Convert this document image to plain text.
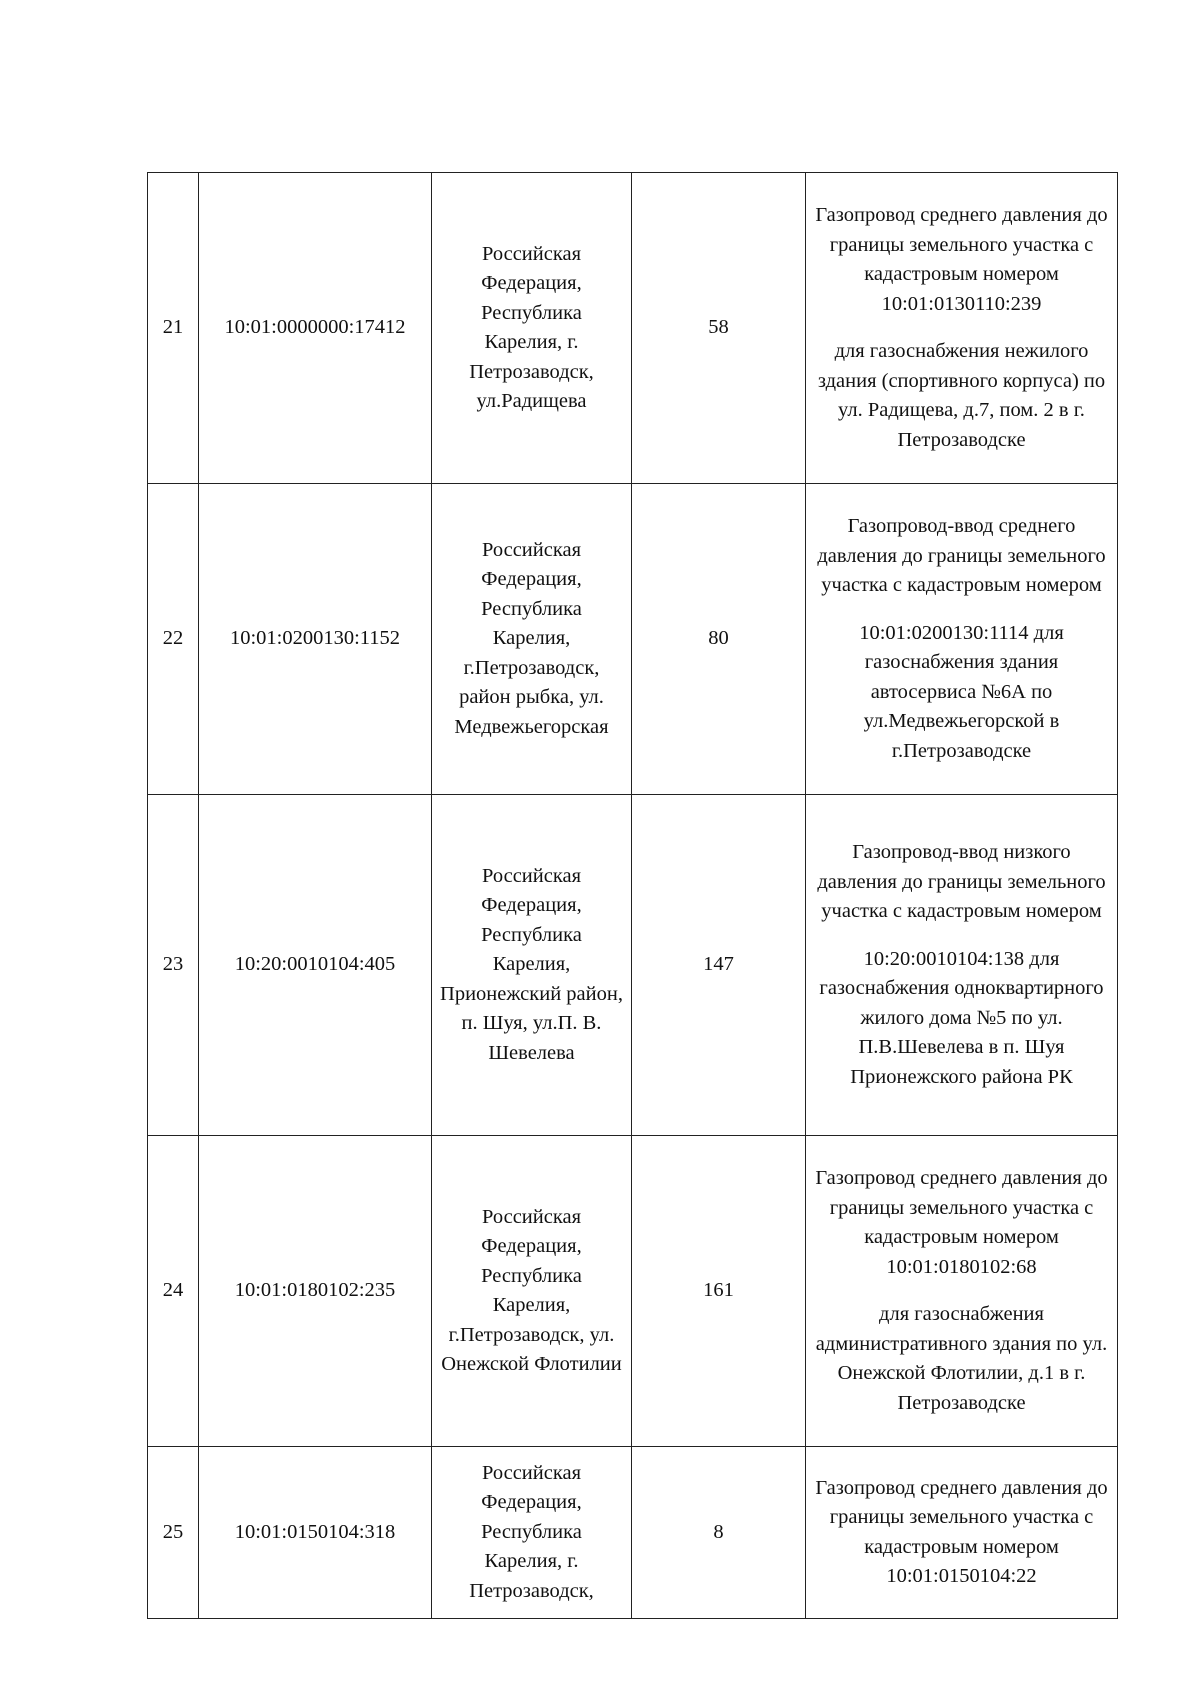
21	10:01:0000000:17412	Российская Федерация, Республика Карелия, г. Петрозаводск, ул.Радищева	58	Газопровод среднего давления до границы земельного участка с кадастровым номером 10:01:0130110:239

для газоснабжения нежилого здания (спортивного корпуса) по ул. Радищева, д.7, пом. 2 в г. Петрозаводске

22	10:01:0200130:1152	Российская Федерация, Республика Карелия, г.Петрозаводск, район рыбка, ул. Медвежьегорская	80	Газопровод-ввод среднего давления до границы земельного участка с кадастровым номером

10:01:0200130:1114 для газоснабжения здания автосервиса №6А по ул.Медвежьегорской в г.Петрозаводске

23	10:20:0010104:405	Российская Федерация, Республика Карелия, Прионежский район, п. Шуя, ул.П. В. Шевелева	147	Газопровод-ввод низкого давления до границы земельного участка с кадастровым номером

10:20:0010104:138 для газоснабжения одноквартирного жилого дома №5 по ул. П.В.Шевелева в п. Шуя Прионежского района РК

24	10:01:0180102:235	Российская Федерация, Республика Карелия, г.Петрозаводск, ул. Онежской Флотилии	161	Газопровод среднего давления до границы земельного участка с кадастровым номером 10:01:0180102:68

для газоснабжения административного здания по ул. Онежской Флотилии, д.1 в г. Петрозаводске

25	10:01:0150104:318	Российская Федерация, Республика Карелия, г. Петрозаводск,	8	Газопровод среднего давления до границы земельного участка с кадастровым номером 10:01:0150104:22
